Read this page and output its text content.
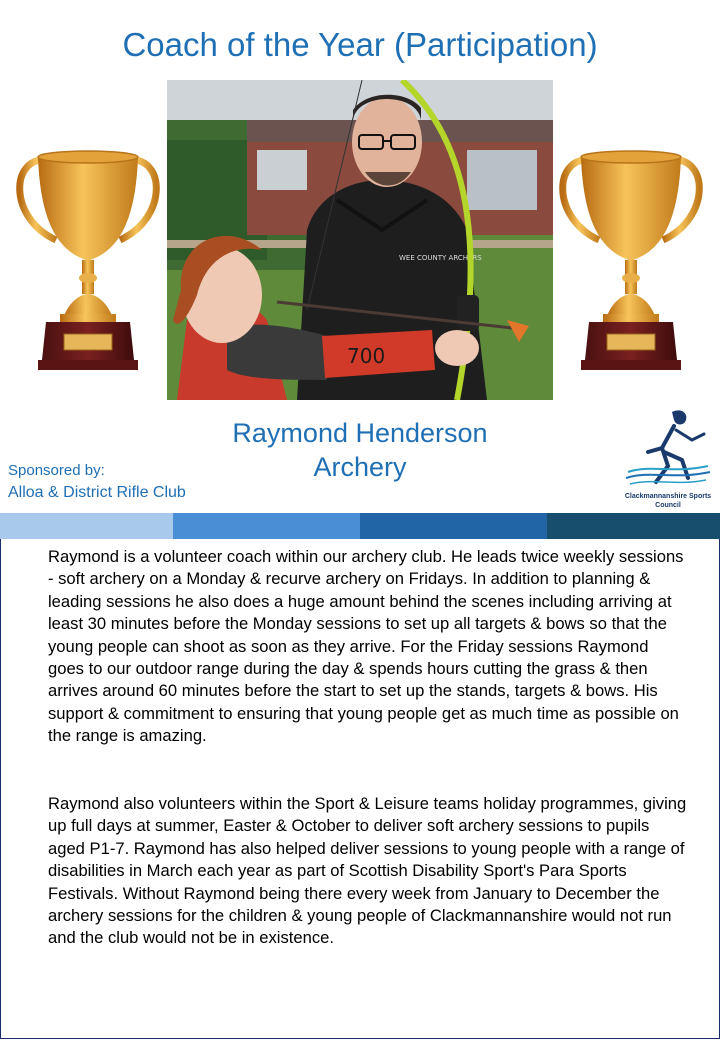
Coach of the Year (Participation)
WEE COUNTY ARCHERS
700
Raymond Henderson
Archery
Sponsored by:
Alloa & District Rifle Club	Clackmannanshire Sports Council

Raymond is a volunteer coach within our archery club. He leads twice weekly sessions - soft archery on a Monday & recurve archery on Fridays. In addition to planning & leading sessions he also does a huge amount behind the scenes including arriving at least 30 minutes before the Monday sessions to set up all targets & bows so that the young people can shoot as soon as they arrive. For the Friday sessions Raymond goes to our outdoor range during the day & spends hours cutting the grass & then arrives around 60 minutes before the start to set up the stands, targets & bows. His support & commitment to ensuring that young people get as much time as possible on the range is amazing.

Raymond also volunteers within the Sport & Leisure teams holiday programmes, giving up full days at summer, Easter & October to deliver soft archery sessions to pupils aged P1-7. Raymond has also helped deliver sessions to young people with a range of disabilities in March each year as part of Scottish Disability Sport's Para Sports Festivals. Without Raymond being there every week from January to December the archery sessions for the children & young people of Clackmannanshire would not run and the club would not be in existence.
